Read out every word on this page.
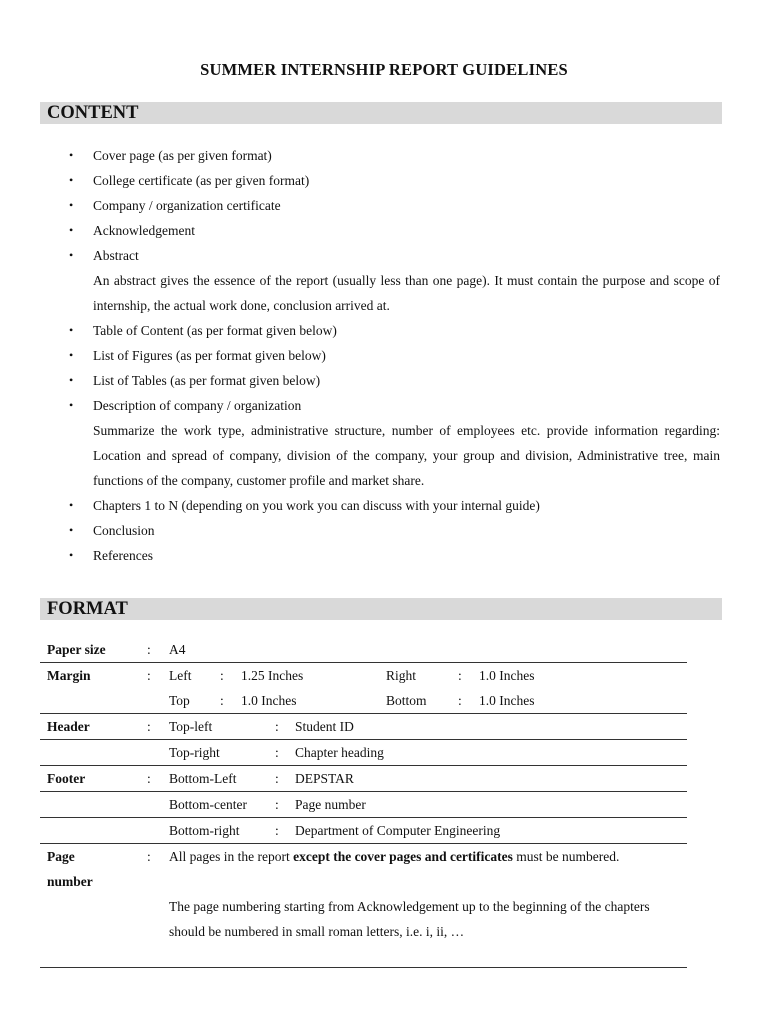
SUMMER INTERNSHIP REPORT GUIDELINES
CONTENT
• Cover page (as per given format)
• College certificate (as per given format)
• Company / organization certificate
• Acknowledgement
• Abstract
An abstract gives the essence of the report (usually less than one page). It must contain the purpose and scope of internship, the actual work done, conclusion arrived at.
• Table of Content (as per format given below)
• List of Figures (as per format given below)
• List of Tables (as per format given below)
• Description of company / organization
Summarize the work type, administrative structure, number of employees etc. provide information regarding: Location and spread of company, division of the company, your group and division, Administrative tree, main functions of the company, customer profile and market share.
• Chapters 1 to N (depending on you work you can discuss with your internal guide)
• Conclusion
• References
FORMAT
Paper size	: A4
Margin	: Left : 1.25 Inches	Right	: 1.0 Inches
Top : 1.0 Inches	Bottom : 1.0 Inches
Header	: Top-left	: Student ID
Top-right	: Chapter heading
Footer	: Bottom-Left	: DEPSTAR
Bottom-center : Page number
Bottom-right	: Department of Computer Engineering
Page
number
: All pages in the report except the cover pages and certificates must be numbered.

The page numbering starting from Acknowledgement up to the beginning of the chapters should be numbered in small roman letters, i.e. i, ii, …
